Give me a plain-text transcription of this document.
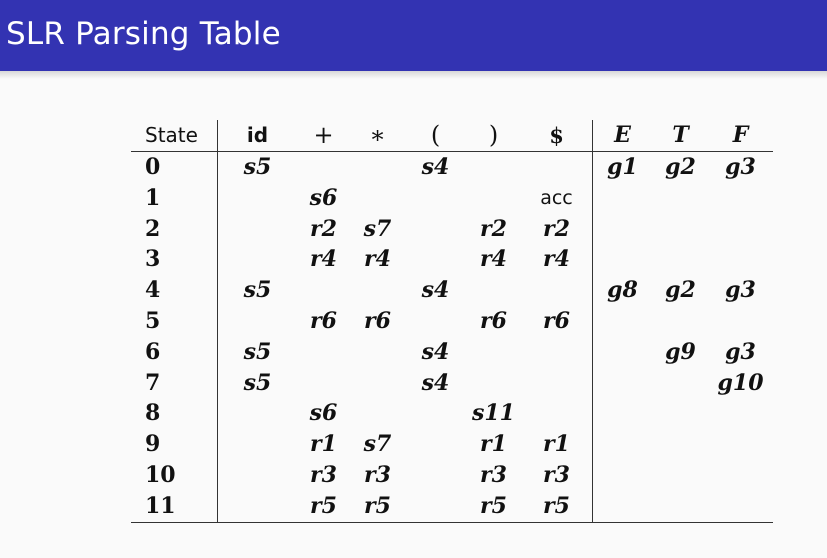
SLR Parsing Table
State	id	+	∗	(	)	$	E	T	F
0	s5			s4			g1	g2	g3
1		s6				acc			
2		r2	s7		r2	r2			
3		r4	r4		r4	r4			
4	s5			s4			g8	g2	g3
5		r6	r6		r6	r6			
6	s5			s4				g9	g3
7	s5			s4					g10
8		s6			s11				
9		r1	s7		r1	r1			
10		r3	r3		r3	r3			
11		r5	r5		r5	r5			
